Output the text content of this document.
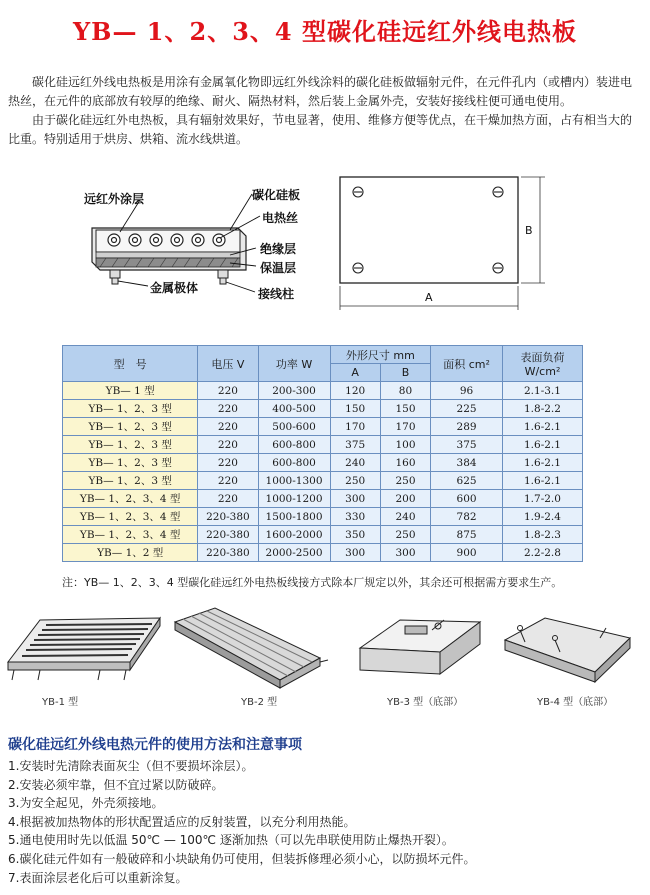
YB— 1、2、3、4 型碳化硅远红外线电热板

碳化硅远红外线电热板是用涂有金属氧化物即远红外线涂料的碳化硅板做辐射元件，在元件孔内（或槽内）装进电热丝，在元件的底部放有较厚的绝缘、耐火、隔热材料，然后装上金属外壳，安装好接线柱便可通电使用。

由于碳化硅远红外电热板，具有辐射效果好，节电显著，使用、维修方便等优点，在干燥加热方面，占有相当大的比重。特别适用于烘房、烘箱、流水线烘道。

远红外涂层	碳化硅板
电热丝
绝缘层
保温层
金属极体	接线柱	A
B
型　号	电压 V	功率 W	外形尺寸 mm		面积 cm²	表面负荷
W/cm²
			A	B		
YB— 1 型	220	200-300	120	80	96	2.1-3.1
YB— 1、2、3 型	220	400-500	150	150	225	1.8-2.2
YB— 1、2、3 型	220	500-600	170	170	289	1.6-2.1
YB— 1、2、3 型	220	600-800	375	100	375	1.6-2.1
YB— 1、2、3 型	220	600-800	240	160	384	1.6-2.1
YB— 1、2、3 型	220	1000-1300	250	250	625	1.6-2.1
YB— 1、2、3、4 型	220	1000-1200	300	200	600	1.7-2.0
YB— 1、2、3、4 型	220-380	1500-1800	330	240	782	1.9-2.4
YB— 1、2、3、4 型	220-380	1600-2000	350	250	875	1.8-2.3
YB— 1、2 型	220-380	2000-2500	300	300	900	2.2-2.8
注：YB— 1、2、3、4 型碳化硅远红外电热板线接方式除本厂规定以外，其余还可根据需方要求生产。
YB-1 型	YB-2 型	YB-3 型（底部）	YB-4 型（底部）
碳化硅远红外线电热元件的使用方法和注意事项
1.安装时先清除表面灰尘（但不要损坏涂层）。
2.安装必须牢靠，但不宜过紧以防破碎。
3.为安全起见，外壳须接地。
4.根据被加热物体的形状配置适应的反射装置，以充分利用热能。
5.通电使用时先以低温 50℃ — 100℃ 逐渐加热（可以先串联使用防止爆热开裂）。
6.碳化硅元件如有一般破碎和小块缺角仍可使用，但装拆修理必须小心，以防损坏元件。
7.表面涂层老化后可以重新涂复。
